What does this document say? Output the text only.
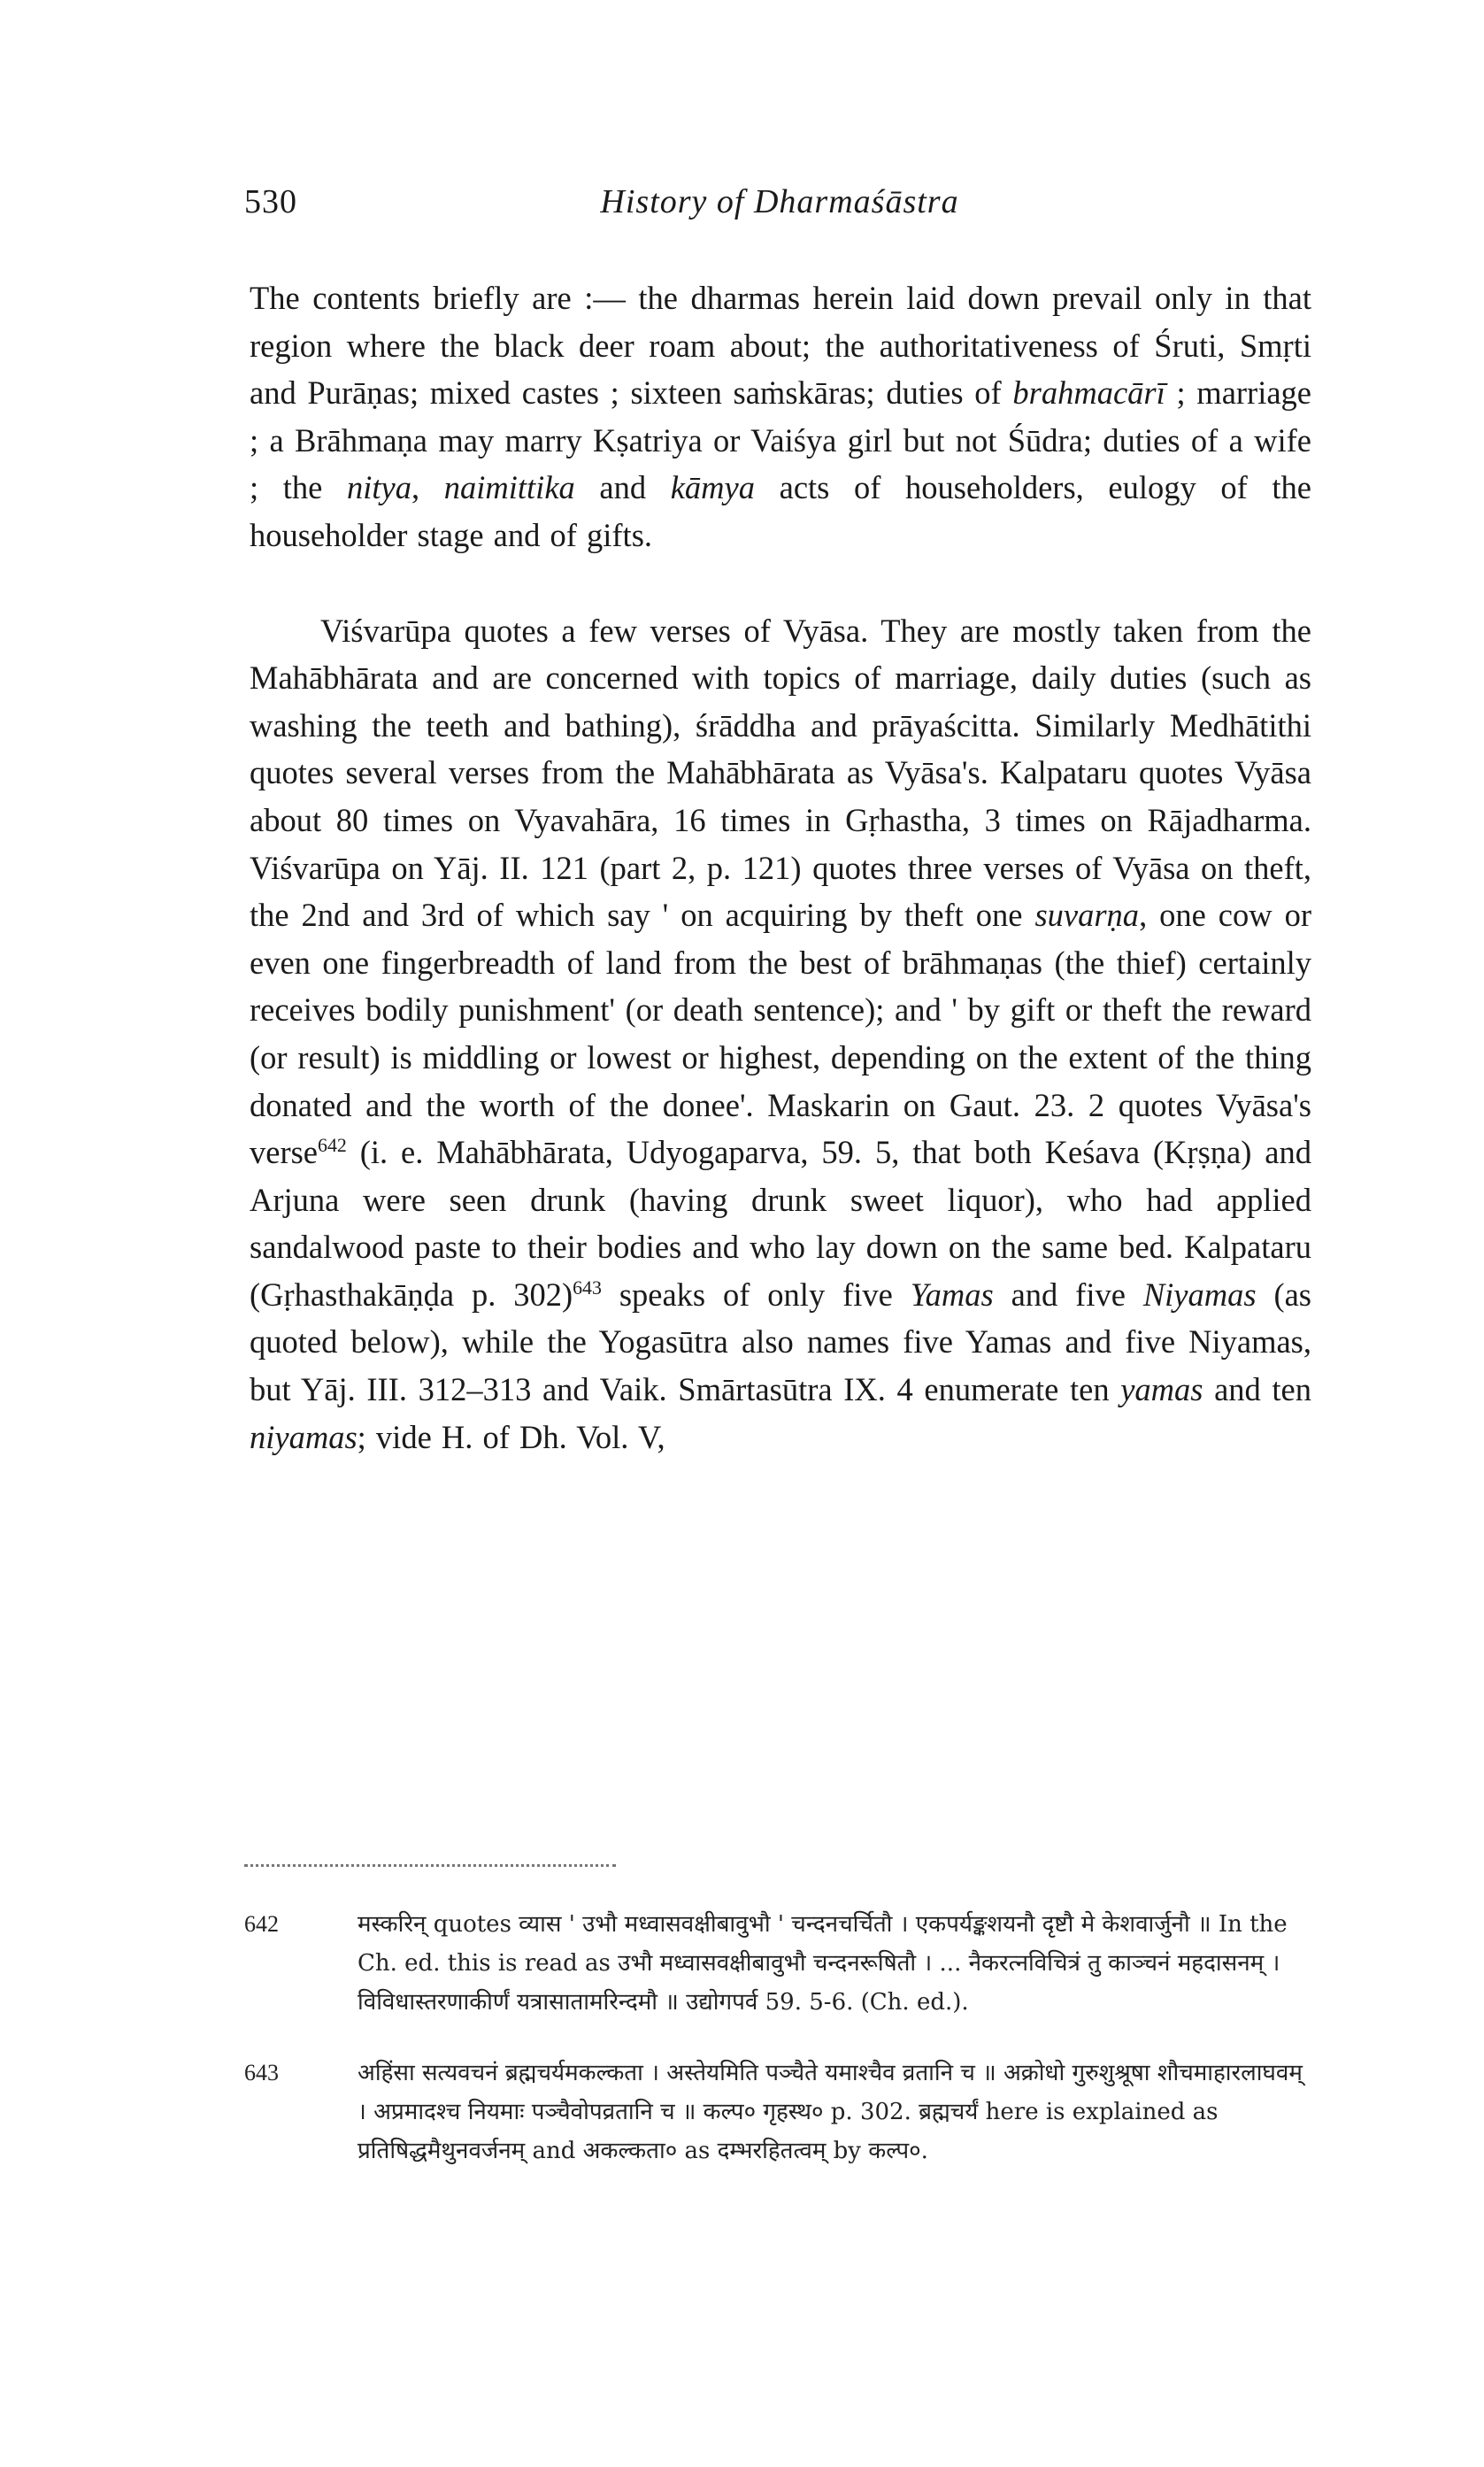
530	History of Dharmaśāstra

The contents briefly are :— the dharmas herein laid down prevail only in that region where the black deer roam about; the authoritativeness of Śruti, Smṛti and Purāṇas; mixed castes ; sixteen saṁskāras; duties of brahmacārī ; marriage ; a Brāhmaṇa may marry Kṣatriya or Vaiśya girl but not Śūdra; duties of a wife ; the nitya, naimittika and kāmya acts of householders, eulogy of the householder stage and of gifts.

Viśvarūpa quotes a few verses of Vyāsa. They are mostly taken from the Mahābhārata and are concerned with topics of marriage, daily duties (such as washing the teeth and bathing), śrāddha and prāyaścitta. Similarly Medhātithi quotes several verses from the Mahābhārata as Vyāsa's. Kalpataru quotes Vyāsa about 80 times on Vyavahāra, 16 times in Gṛhastha, 3 times on Rājadharma. Viśvarūpa on Yāj. II. 121 (part 2, p. 121) quotes three verses of Vyāsa on theft, the 2nd and 3rd of which say ' on acquiring by theft one suvarṇa, one cow or even one fingerbreadth of land from the best of brāhmaṇas (the thief) certainly receives bodily punishment' (or death sentence); and ' by gift or theft the reward (or result) is middling or lowest or highest, depending on the extent of the thing donated and the worth of the donee'. Maskarin on Gaut. 23. 2 quotes Vyāsa's verse$^{642}$ (i. e. Mahābhārata, Udyogaparva, 59. 5, that both Keśava (Kṛṣṇa) and Arjuna were seen drunk (having drunk sweet liquor), who had applied sandalwood paste to their bodies and who lay down on the same bed. Kalpataru (Gṛhasthakāṇḍa p. 302)$^{643}$ speaks of only five Yamas and five Niyamas (as quoted below), while the Yogasūtra also names five Yamas and five Niyamas, but Yāj. III. 312–313 and Vaik. Smārtasūtra IX. 4 enumerate ten yamas and ten niyamas; vide H. of Dh. Vol. V,

642	मस्करिन् quotes व्यास ' उभौ मध्वासवक्षीबावुभौ ' चन्दनचर्चितौ । एकपर्यङ्कशयनौ दृष्टौ मे केशवार्जुनौ ॥ In the Ch. ed. this is read as उभौ मध्वासवक्षीबावुभौ चन्दनरूषितौ । ... नैकरत्नविचित्रं तु काञ्चनं महदासनम् । विविधास्तरणाकीर्णं यत्रासातामरिन्दमौ ॥ उद्योगपर्व 59. 5-6. (Ch. ed.).
643	अहिंसा सत्यवचनं ब्रह्मचर्यमकल्कता । अस्तेयमिति पञ्चैते यमाश्चैव व्रतानि च ॥ अक्रोधो गुरुशुश्रूषा शौचमाहारलाघवम् । अप्रमादश्च नियमाः पञ्चैवोपव्रतानि च ॥ कल्प० गृहस्थ० p. 302. ब्रह्मचर्यं here is explained as प्रतिषिद्धमैथुनवर्जनम् and अकल्कता० as दम्भरहितत्वम् by कल्प०.
